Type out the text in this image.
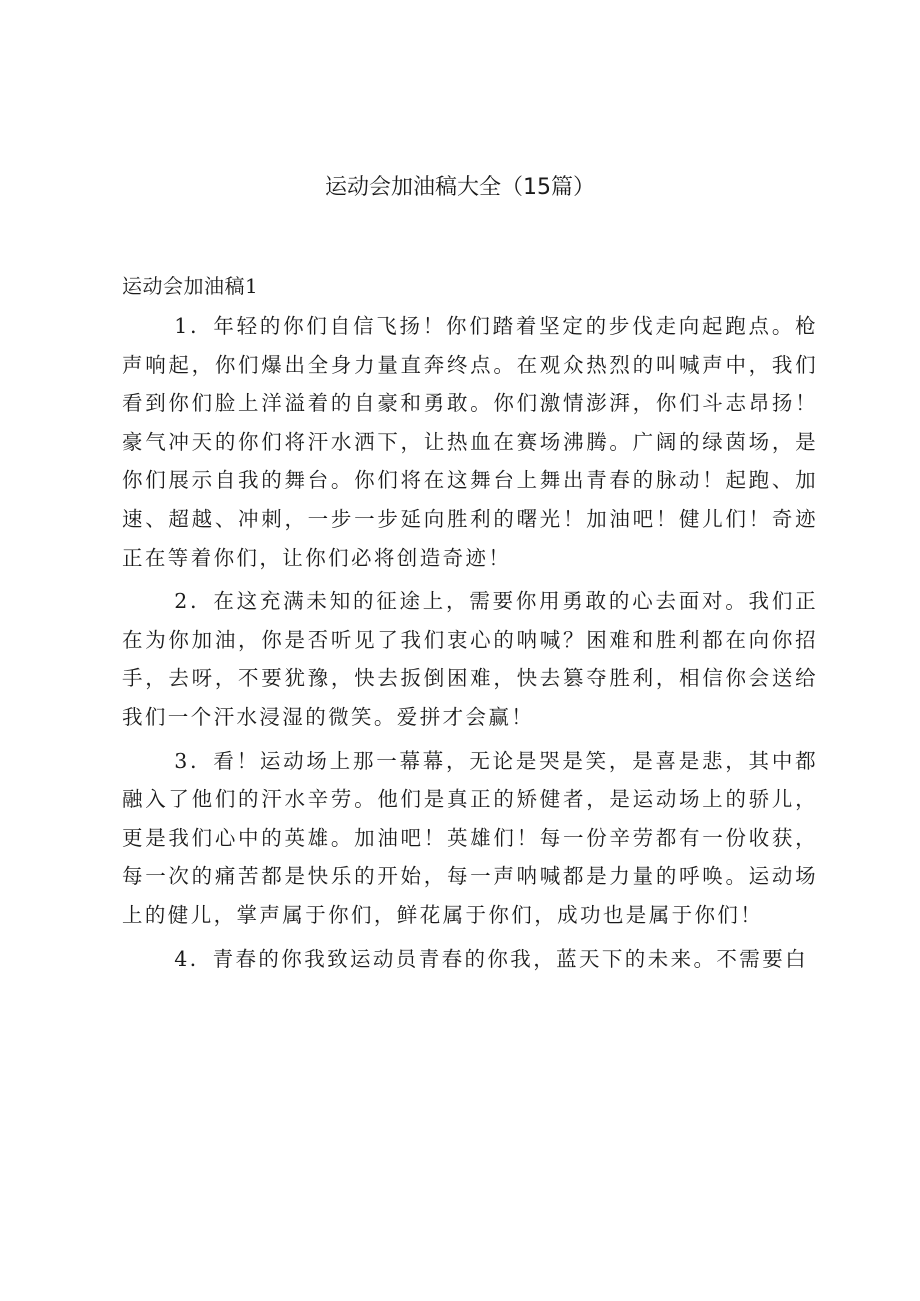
运动会加油稿大全（15篇）

运动会加油稿1

1．年轻的你们自信飞扬！你们踏着坚定的步伐走向起跑点。枪声响起，你们爆出全身力量直奔终点。在观众热烈的叫喊声中，我们看到你们脸上洋溢着的自豪和勇敢。你们激情澎湃，你们斗志昂扬！豪气冲天的你们将汗水洒下，让热血在赛场沸腾。广阔的绿茵场，是你们展示自我的舞台。你们将在这舞台上舞出青春的脉动！起跑、加速、超越、冲刺，一步一步延向胜利的曙光！加油吧！健儿们！奇迹正在等着你们，让你们必将创造奇迹！

2．在这充满未知的征途上，需要你用勇敢的心去面对。我们正在为你加油，你是否听见了我们衷心的呐喊？困难和胜利都在向你招手，去呀，不要犹豫，快去扳倒困难，快去篡夺胜利，相信你会送给我们一个汗水浸湿的微笑。爱拼才会赢！

3．看！运动场上那一幕幕，无论是哭是笑，是喜是悲，其中都融入了他们的汗水辛劳。他们是真正的矫健者，是运动场上的骄儿，更是我们心中的英雄。加油吧！英雄们！每一份辛劳都有一份收获，每一次的痛苦都是快乐的开始，每一声呐喊都是力量的呼唤。运动场上的健儿，掌声属于你们，鲜花属于你们，成功也是属于你们！

4．青春的你我致运动员青春的你我，蓝天下的未来。不需要白
